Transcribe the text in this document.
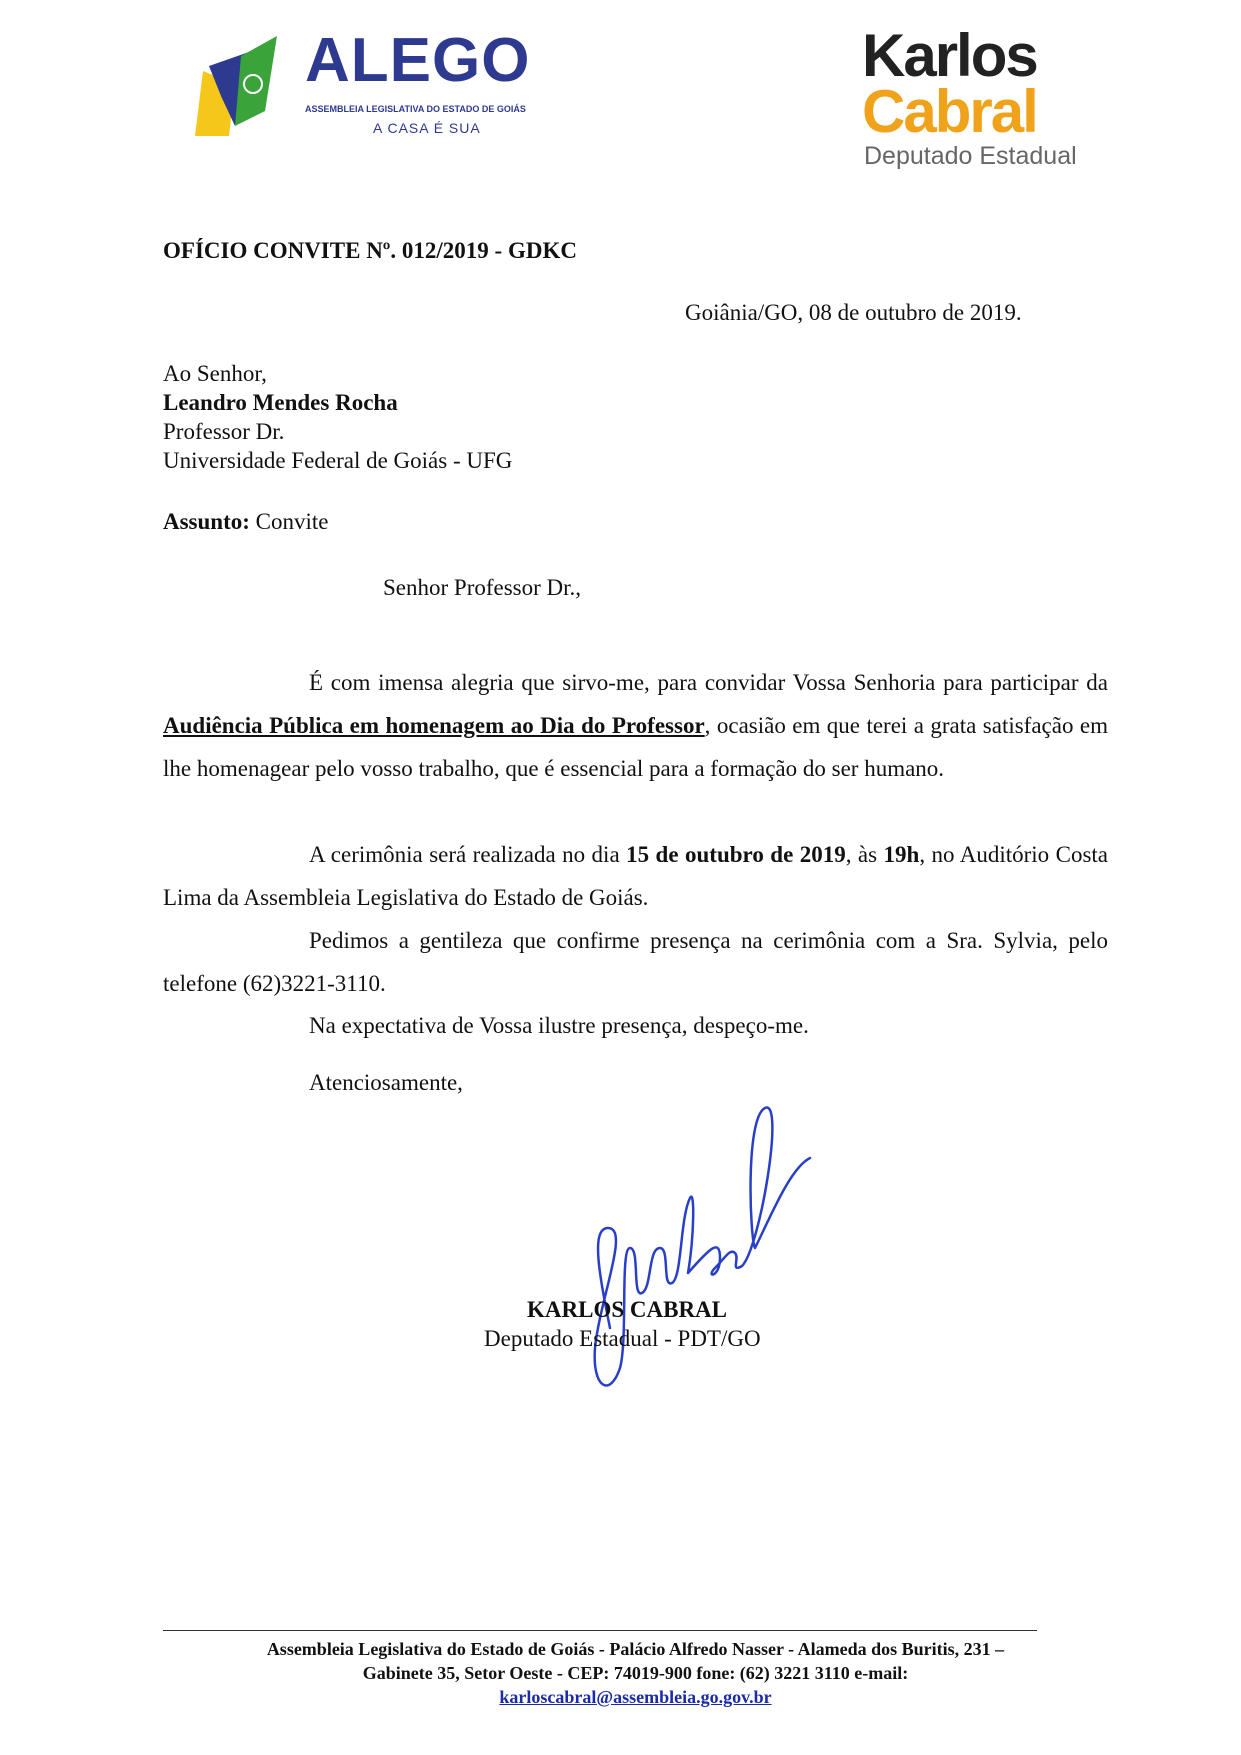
ALEGO
ASSEMBLEIA LEGISLATIVA DO ESTADO DE GOIÁS
A CASA É SUA
Karlos
Cabral
Deputado Estadual
OFÍCIO CONVITE Nº. 012/2019 - GDKC
Goiânia/GO, 08 de outubro de 2019.
Ao Senhor,
Leandro Mendes Rocha
Professor Dr.
Universidade Federal de Goiás - UFG
Assunto: Convite
Senhor Professor Dr.,
É com imensa alegria que sirvo-me, para convidar Vossa Senhoria para participar da Audiência Pública em homenagem ao Dia do Professor, ocasião em que terei a grata satisfação em lhe homenagear pelo vosso trabalho, que é essencial para a formação do ser humano.
A cerimônia será realizada no dia 15 de outubro de 2019, às 19h, no Auditório Costa Lima da Assembleia Legislativa do Estado de Goiás.
Pedimos a gentileza que confirme presença na cerimônia com a Sra. Sylvia, pelo telefone (62)3221-3110.
Na expectativa de Vossa ilustre presença, despeço-me.
Atenciosamente,
KARLOS CABRAL
Deputado Estadual - PDT/GO
Assembleia Legislativa do Estado de Goiás - Palácio Alfredo Nasser - Alameda dos Buritis, 231 –
Gabinete 35, Setor Oeste - CEP: 74019-900 fone: (62) 3221 3110 e-mail:
karloscabral@assembleia.go.gov.br
